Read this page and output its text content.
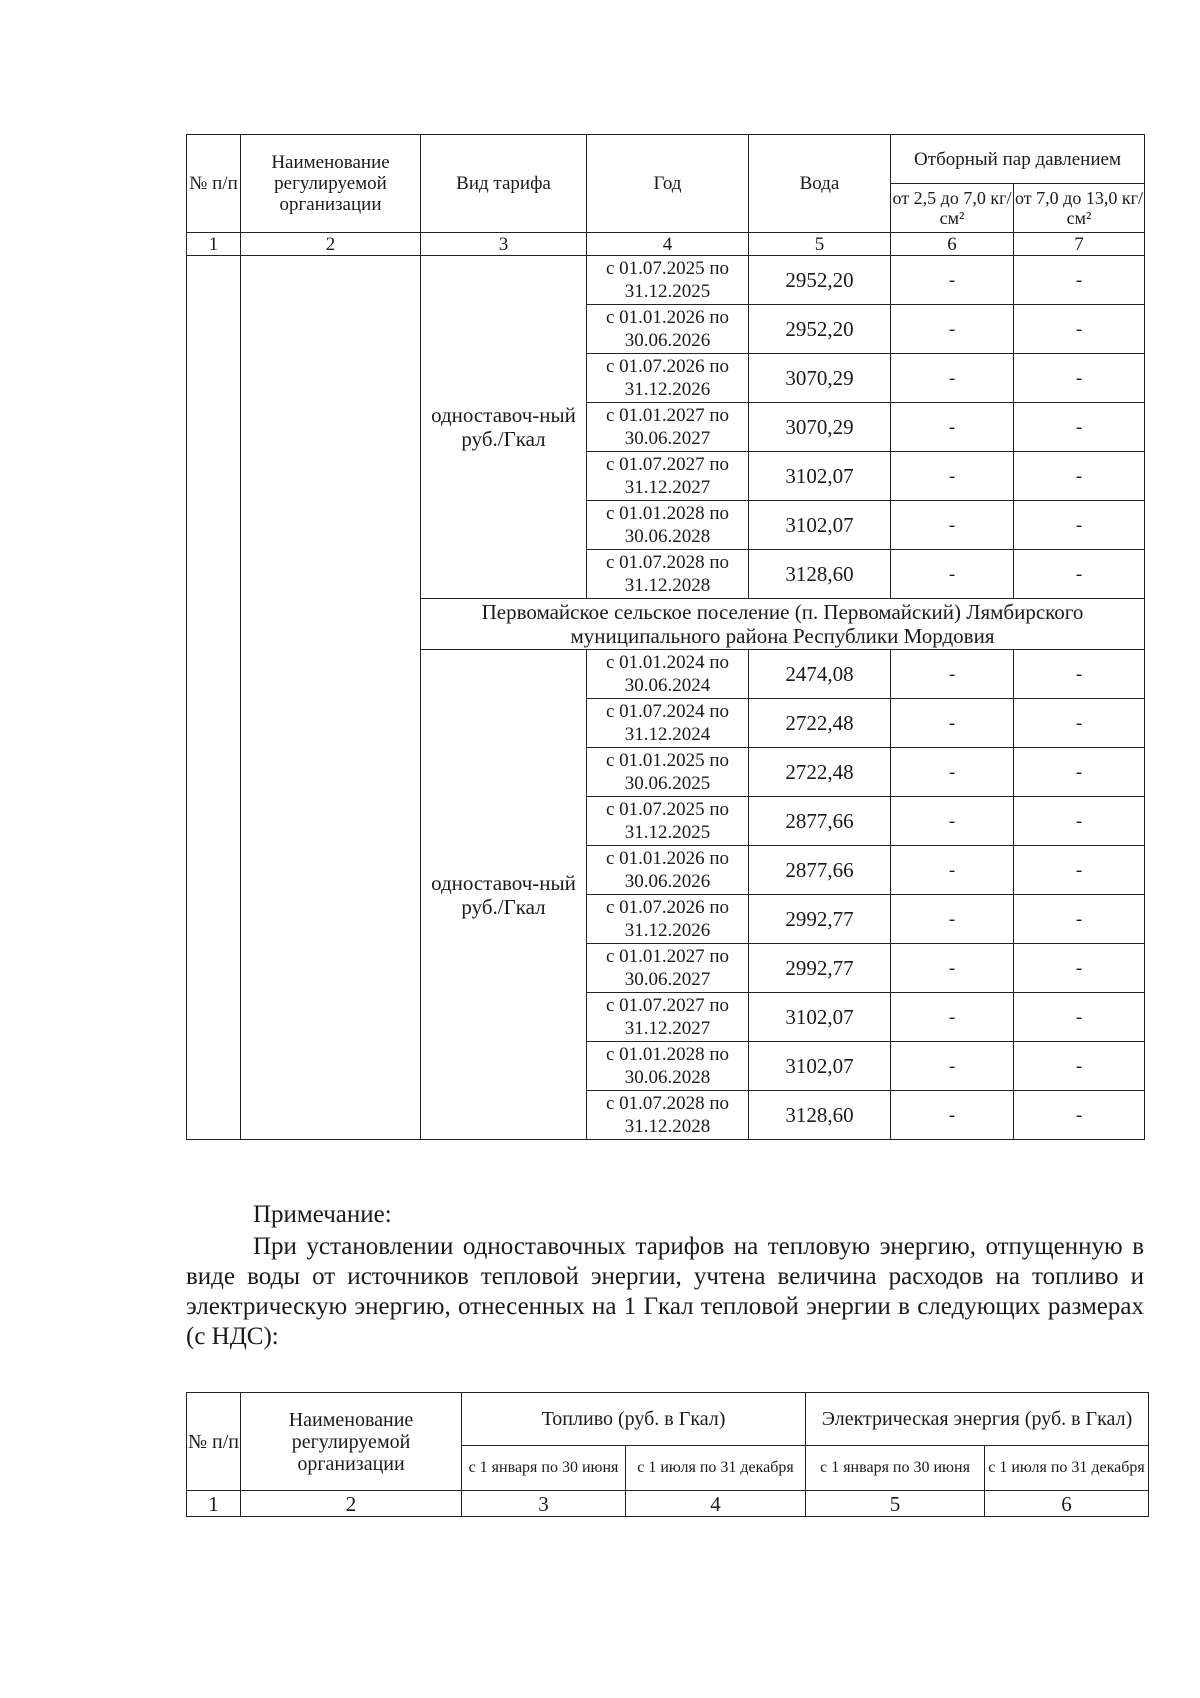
№ п/п	Наименование регулируемой организации	Вид тарифа	Год	Вода	Отборный пар давлением	
					от 2,5 до 7,0 кг/см²	от 7,0 до 13,0 кг/см²
1	2	3	4	5	6	7
		одноставоч-ный руб./Гкал	с 01.07.2025 по 31.12.2025	2952,20	-	-
			с 01.01.2026 по 30.06.2026	2952,20	-	-
			с 01.07.2026 по 31.12.2026	3070,29	-	-
			с 01.01.2027 по 30.06.2027	3070,29	-	-
			с 01.07.2027 по 31.12.2027	3102,07	-	-
			с 01.01.2028 по 30.06.2028	3102,07	-	-
			с 01.07.2028 по 31.12.2028	3128,60	-	-
		Первомайское сельское поселение (п. Первомайский) Лямбирского муниципального района Республики Мордовия				
		одноставоч-ный руб./Гкал	с 01.01.2024 по 30.06.2024	2474,08	-	-
			с 01.07.2024 по 31.12.2024	2722,48	-	-
			с 01.01.2025 по 30.06.2025	2722,48	-	-
			с 01.07.2025 по 31.12.2025	2877,66	-	-
			с 01.01.2026 по 30.06.2026	2877,66	-	-
			с 01.07.2026 по 31.12.2026	2992,77	-	-
			с 01.01.2027 по 30.06.2027	2992,77	-	-
			с 01.07.2027 по 31.12.2027	3102,07	-	-
			с 01.01.2028 по 30.06.2028	3102,07	-	-
			с 01.07.2028 по 31.12.2028	3128,60	-	-
Примечание:
При установлении одноставочных тарифов на тепловую энергию, отпущенную в виде воды от источников тепловой энергии, учтена величина расходов на топливо и электрическую энергию, отнесенных на 1 Гкал тепловой энергии в следующих размерах (с НДС):
№ п/п	Наименование регулируемой организации	Топливо (руб. в Гкал)		Электрическая энергия (руб. в Гкал)	
		с 1 января по 30 июня	с 1 июля по 31 декабря	с 1 января по 30 июня	с 1 июля по 31 декабря
1	2	3	4	5	6
